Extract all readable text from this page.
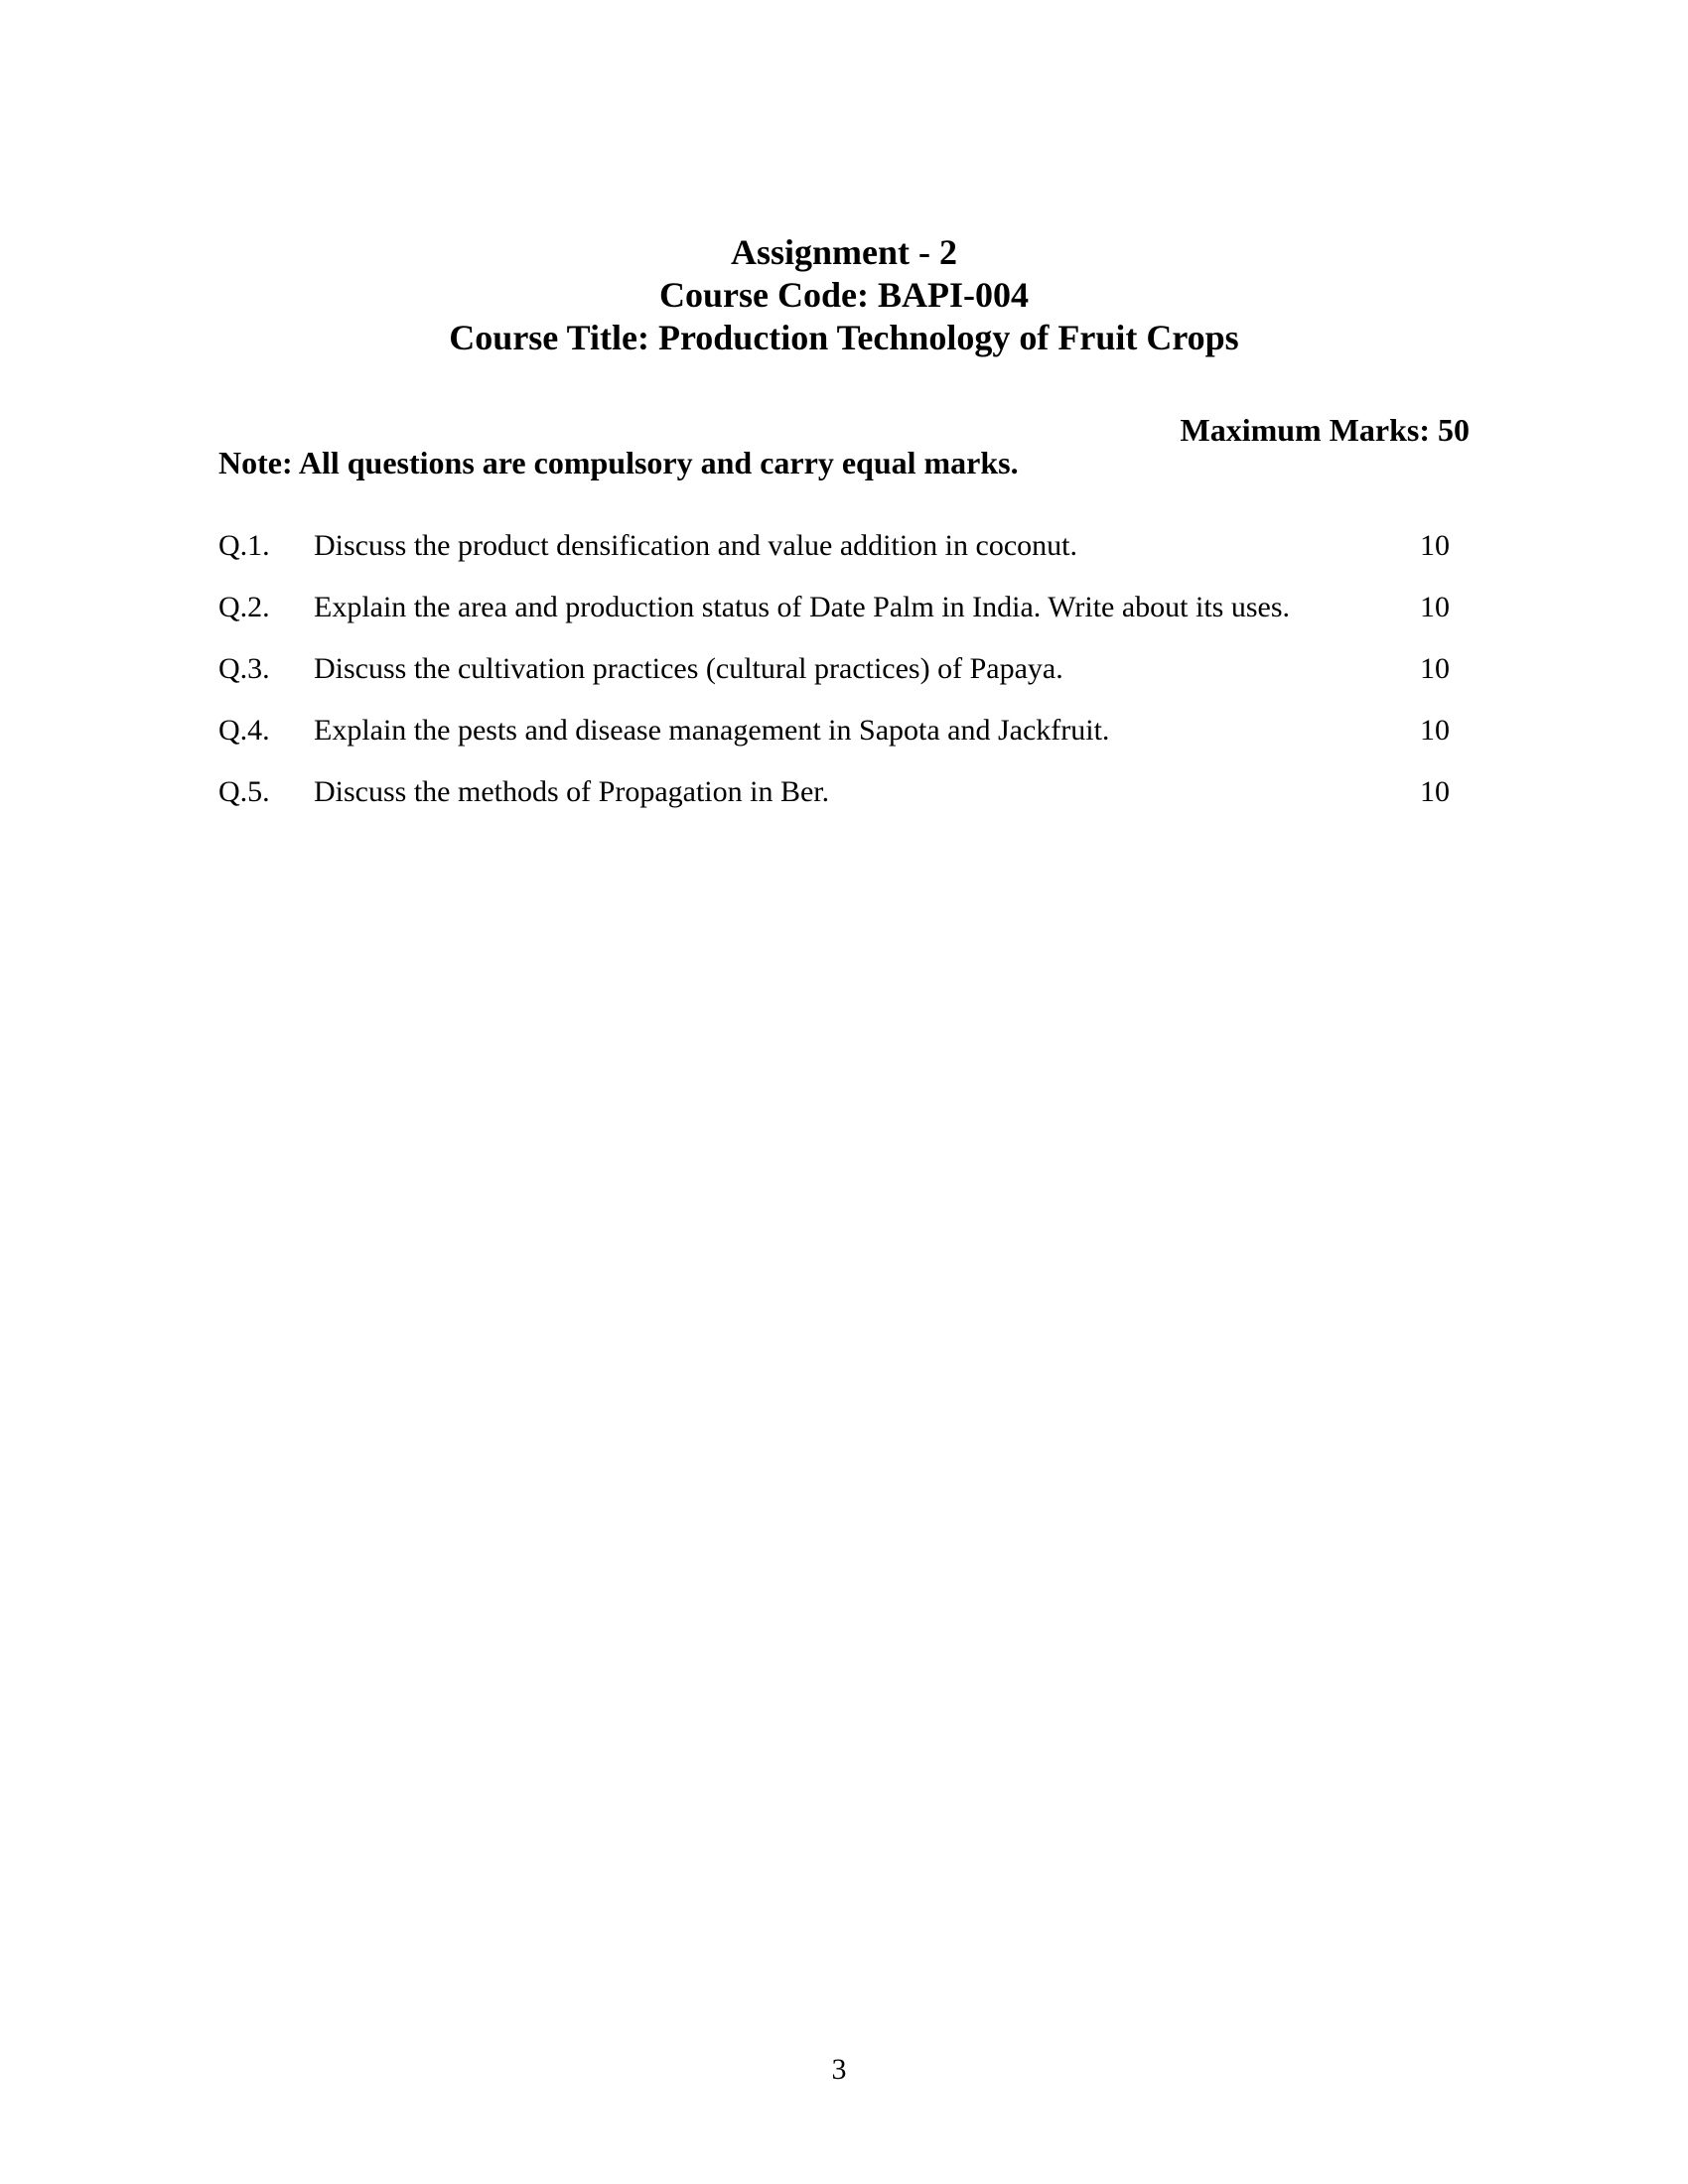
Assignment - 2
Course Code: BAPI-004
Course Title: Production Technology of Fruit Crops
Maximum Marks: 50
Note: All questions are compulsory and carry equal marks.
Q.1.	Discuss the product densification and value addition in coconut.	10
Q.2.	Explain the area and production status of Date Palm in India. Write about its uses.	10
Q.3.	Discuss the cultivation practices (cultural practices) of Papaya.	10
Q.4.	Explain the pests and disease management in Sapota and Jackfruit.	10
Q.5.	Discuss the methods of Propagation in Ber.	10
3
